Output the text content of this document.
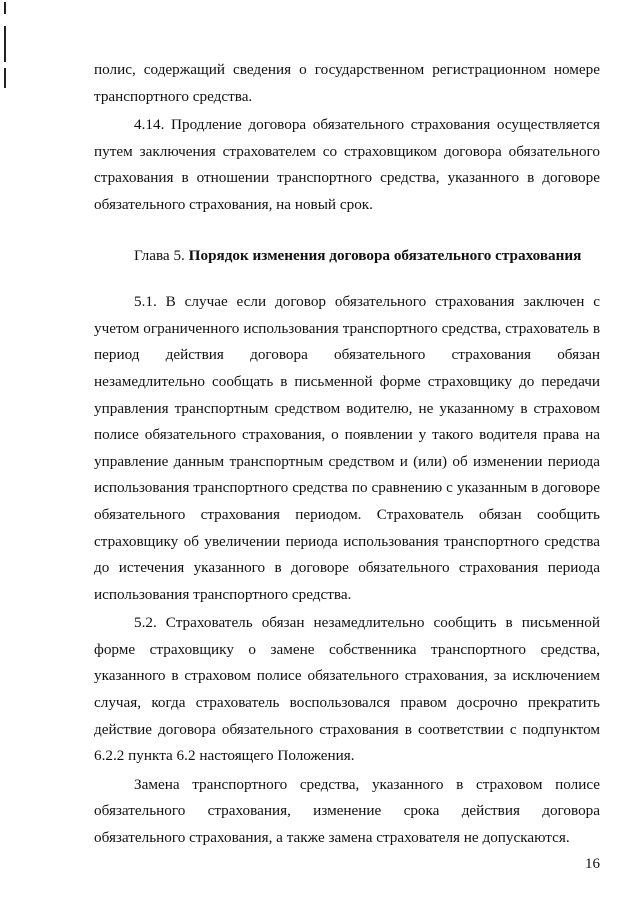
полис, содержащий сведения о государственном регистрационном номере транспортного средства.

4.14. Продление договора обязательного страхования осуществляется путем заключения страхователем со страховщиком договора обязательного страхования в отношении транспортного средства, указанного в договоре обязательного страхования, на новый срок.

Глава 5. Порядок изменения договора обязательного страхования

5.1. В случае если договор обязательного страхования заключен с учетом ограниченного использования транспортного средства, страхователь в период действия договора обязательного страхования обязан незамедлительно сообщать в письменной форме страховщику до передачи управления транспортным средством водителю, не указанному в страховом полисе обязательного страхования, о появлении у такого водителя права на управление данным транспортным средством и (или) об изменении периода использования транспортного средства по сравнению с указанным в договоре обязательного страхования периодом. Страхователь обязан сообщить страховщику об увеличении периода использования транспортного средства до истечения указанного в договоре обязательного страхования периода использования транспортного средства.

5.2. Страхователь обязан незамедлительно сообщить в письменной форме страховщику о замене собственника транспортного средства, указанного в страховом полисе обязательного страхования, за исключением случая, когда страхователь воспользовался правом досрочно прекратить действие договора обязательного страхования в соответствии с подпунктом 6.2.2 пункта 6.2 настоящего Положения.

Замена транспортного средства, указанного в страховом полисе обязательного страхования, изменение срока действия договора обязательного страхования, а также замена страхователя не допускаются.

16
